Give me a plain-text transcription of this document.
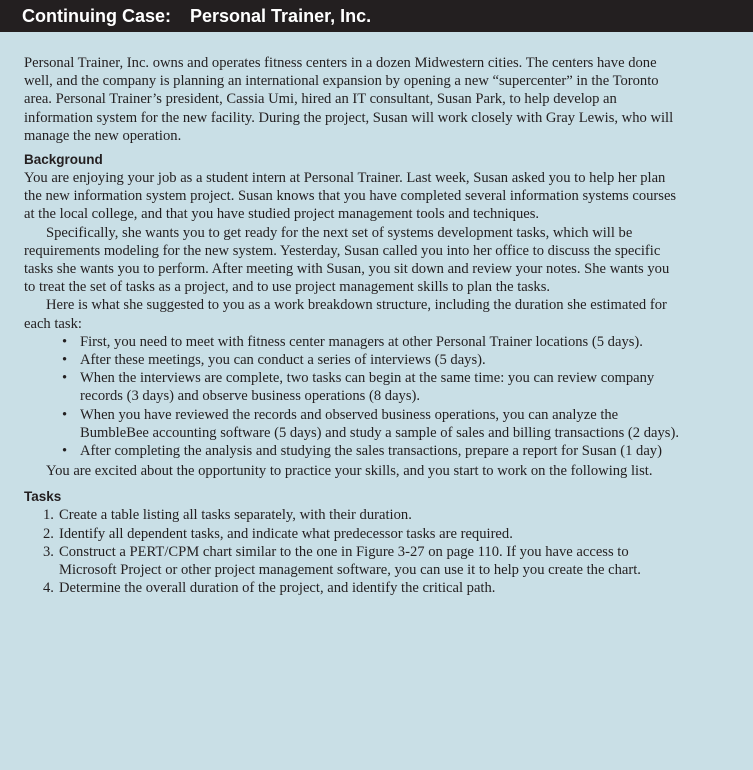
Continuing Case: Personal Trainer, Inc.

Personal Trainer, Inc. owns and operates fitness centers in a dozen Midwestern cities. The centers have done well, and the company is planning an international expansion by opening a new “supercenter” in the Toronto area. Personal Trainer’s president, Cassia Umi, hired an IT consultant, Susan Park, to help develop an information system for the new facility. During the project, Susan will work closely with Gray Lewis, who will manage the new operation.

Background

You are enjoying your job as a student intern at Personal Trainer. Last week, Susan asked you to help her plan the new information system project. Susan knows that you have completed several information systems courses at the local college, and that you have studied project management tools and techniques.

Specifically, she wants you to get ready for the next set of systems development tasks, which will be requirements modeling for the new system. Yesterday, Susan called you into her office to discuss the specific tasks she wants you to perform. After meeting with Susan, you sit down and review your notes. She wants you to treat the set of tasks as a project, and to use project management skills to plan the tasks.

Here is what she suggested to you as a work breakdown structure, including the duration she estimated for each task:

• First, you need to meet with fitness center managers at other Personal Trainer locations (5 days).
• After these meetings, you can conduct a series of interviews (5 days).
• When the interviews are complete, two tasks can begin at the same time: you can review company records (3 days) and observe business operations (8 days).
• When you have reviewed the records and observed business operations, you can analyze the BumbleBee accounting software (5 days) and study a sample of sales and billing transactions (2 days).
• After completing the analysis and studying the sales transactions, prepare a report for Susan (1 day)

You are excited about the opportunity to practice your skills, and you start to work on the following list.

Tasks

1. Create a table listing all tasks separately, with their duration.
2. Identify all dependent tasks, and indicate what predecessor tasks are required.
3. Construct a PERT/CPM chart similar to the one in Figure 3-27 on page 110. If you have access to Microsoft Project or other project management software, you can use it to help you create the chart.
4. Determine the overall duration of the project, and identify the critical path.
